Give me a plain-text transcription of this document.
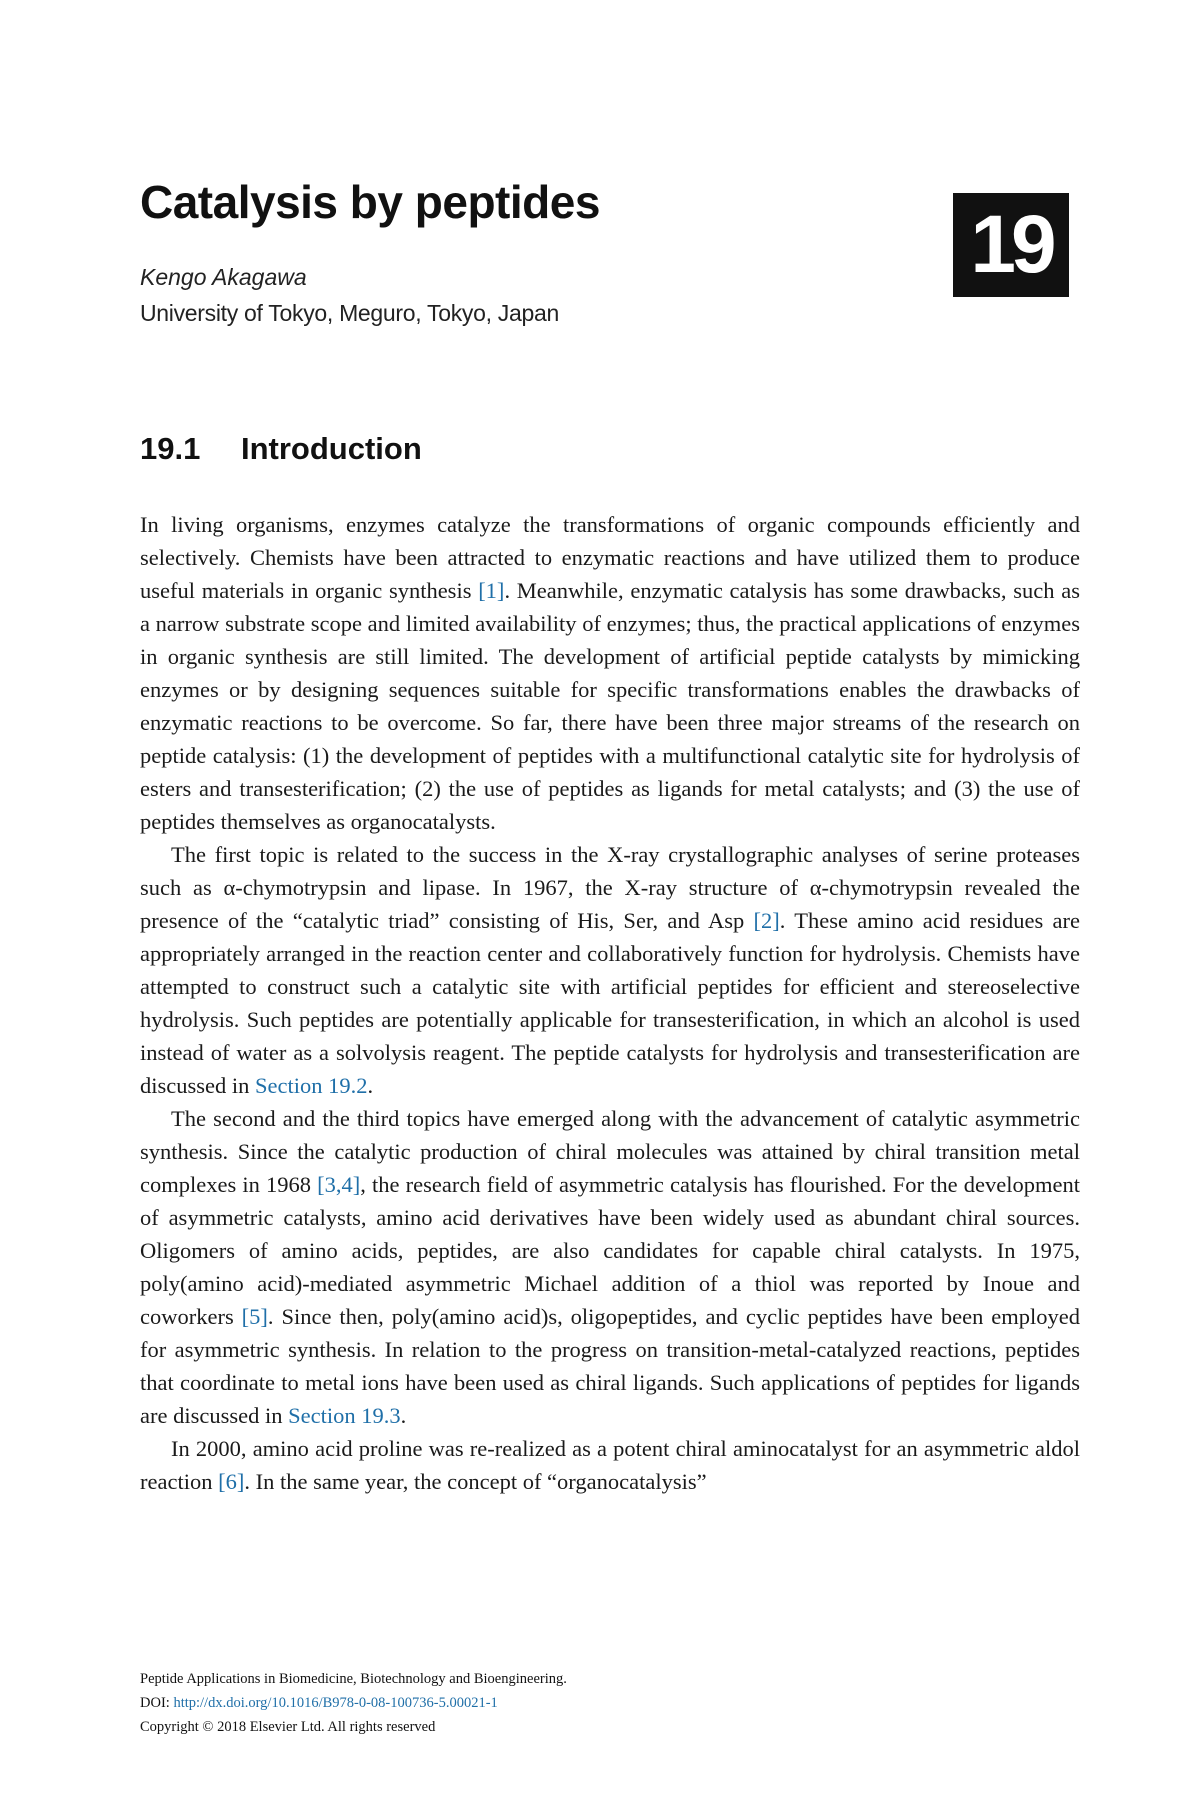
Catalysis by peptides	19
Kengo Akagawa
University of Tokyo, Meguro, Tokyo, Japan
19.1 Introduction

In living organisms, enzymes catalyze the transformations of organic compounds efficiently and selectively. Chemists have been attracted to enzymatic reactions and have utilized them to produce useful materials in organic synthesis [1]. Meanwhile, enzymatic catalysis has some drawbacks, such as a narrow substrate scope and limited availability of enzymes; thus, the practical applications of enzymes in organic synthesis are still limited. The development of artificial peptide catalysts by mimicking enzymes or by designing sequences suitable for specific transformations enables the drawbacks of enzymatic reactions to be overcome. So far, there have been three major streams of the research on peptide catalysis: (1) the development of peptides with a multifunctional catalytic site for hydrolysis of esters and transesterification; (2) the use of peptides as ligands for metal catalysts; and (3) the use of peptides themselves as organocatalysts.

The first topic is related to the success in the X-ray crystallographic analyses of serine proteases such as α-chymotrypsin and lipase. In 1967, the X-ray structure of α-chymotrypsin revealed the presence of the “catalytic triad” consisting of His, Ser, and Asp [2]. These amino acid residues are appropriately arranged in the reaction center and collaboratively function for hydrolysis. Chemists have attempted to construct such a catalytic site with artificial peptides for efficient and stereoselective hydrolysis. Such peptides are potentially applicable for transesterification, in which an alcohol is used instead of water as a solvolysis reagent. The peptide catalysts for hydrolysis and transesterification are discussed in Section 19.2.

The second and the third topics have emerged along with the advancement of catalytic asymmetric synthesis. Since the catalytic production of chiral molecules was attained by chiral transition metal complexes in 1968 [3,4], the research field of asymmetric catalysis has flourished. For the development of asymmetric catalysts, amino acid derivatives have been widely used as abundant chiral sources. Oligomers of amino acids, peptides, are also candidates for capable chiral catalysts. In 1975, poly(amino acid)-mediated asymmetric Michael addition of a thiol was reported by Inoue and coworkers [5]. Since then, poly(amino acid)s, oligopeptides, and cyclic peptides have been employed for asymmetric synthesis. In relation to the progress on transition-metal-catalyzed reactions, peptides that coordinate to metal ions have been used as chiral ligands. Such applications of peptides for ligands are discussed in Section 19.3.

In 2000, amino acid proline was re-realized as a potent chiral aminocatalyst for an asymmetric aldol reaction [6]. In the same year, the concept of “organocatalysis”

Peptide Applications in Biomedicine, Biotechnology and Bioengineering.
DOI: http://dx.doi.org/10.1016/B978-0-08-100736-5.00021-1
Copyright © 2018 Elsevier Ltd. All rights reserved
